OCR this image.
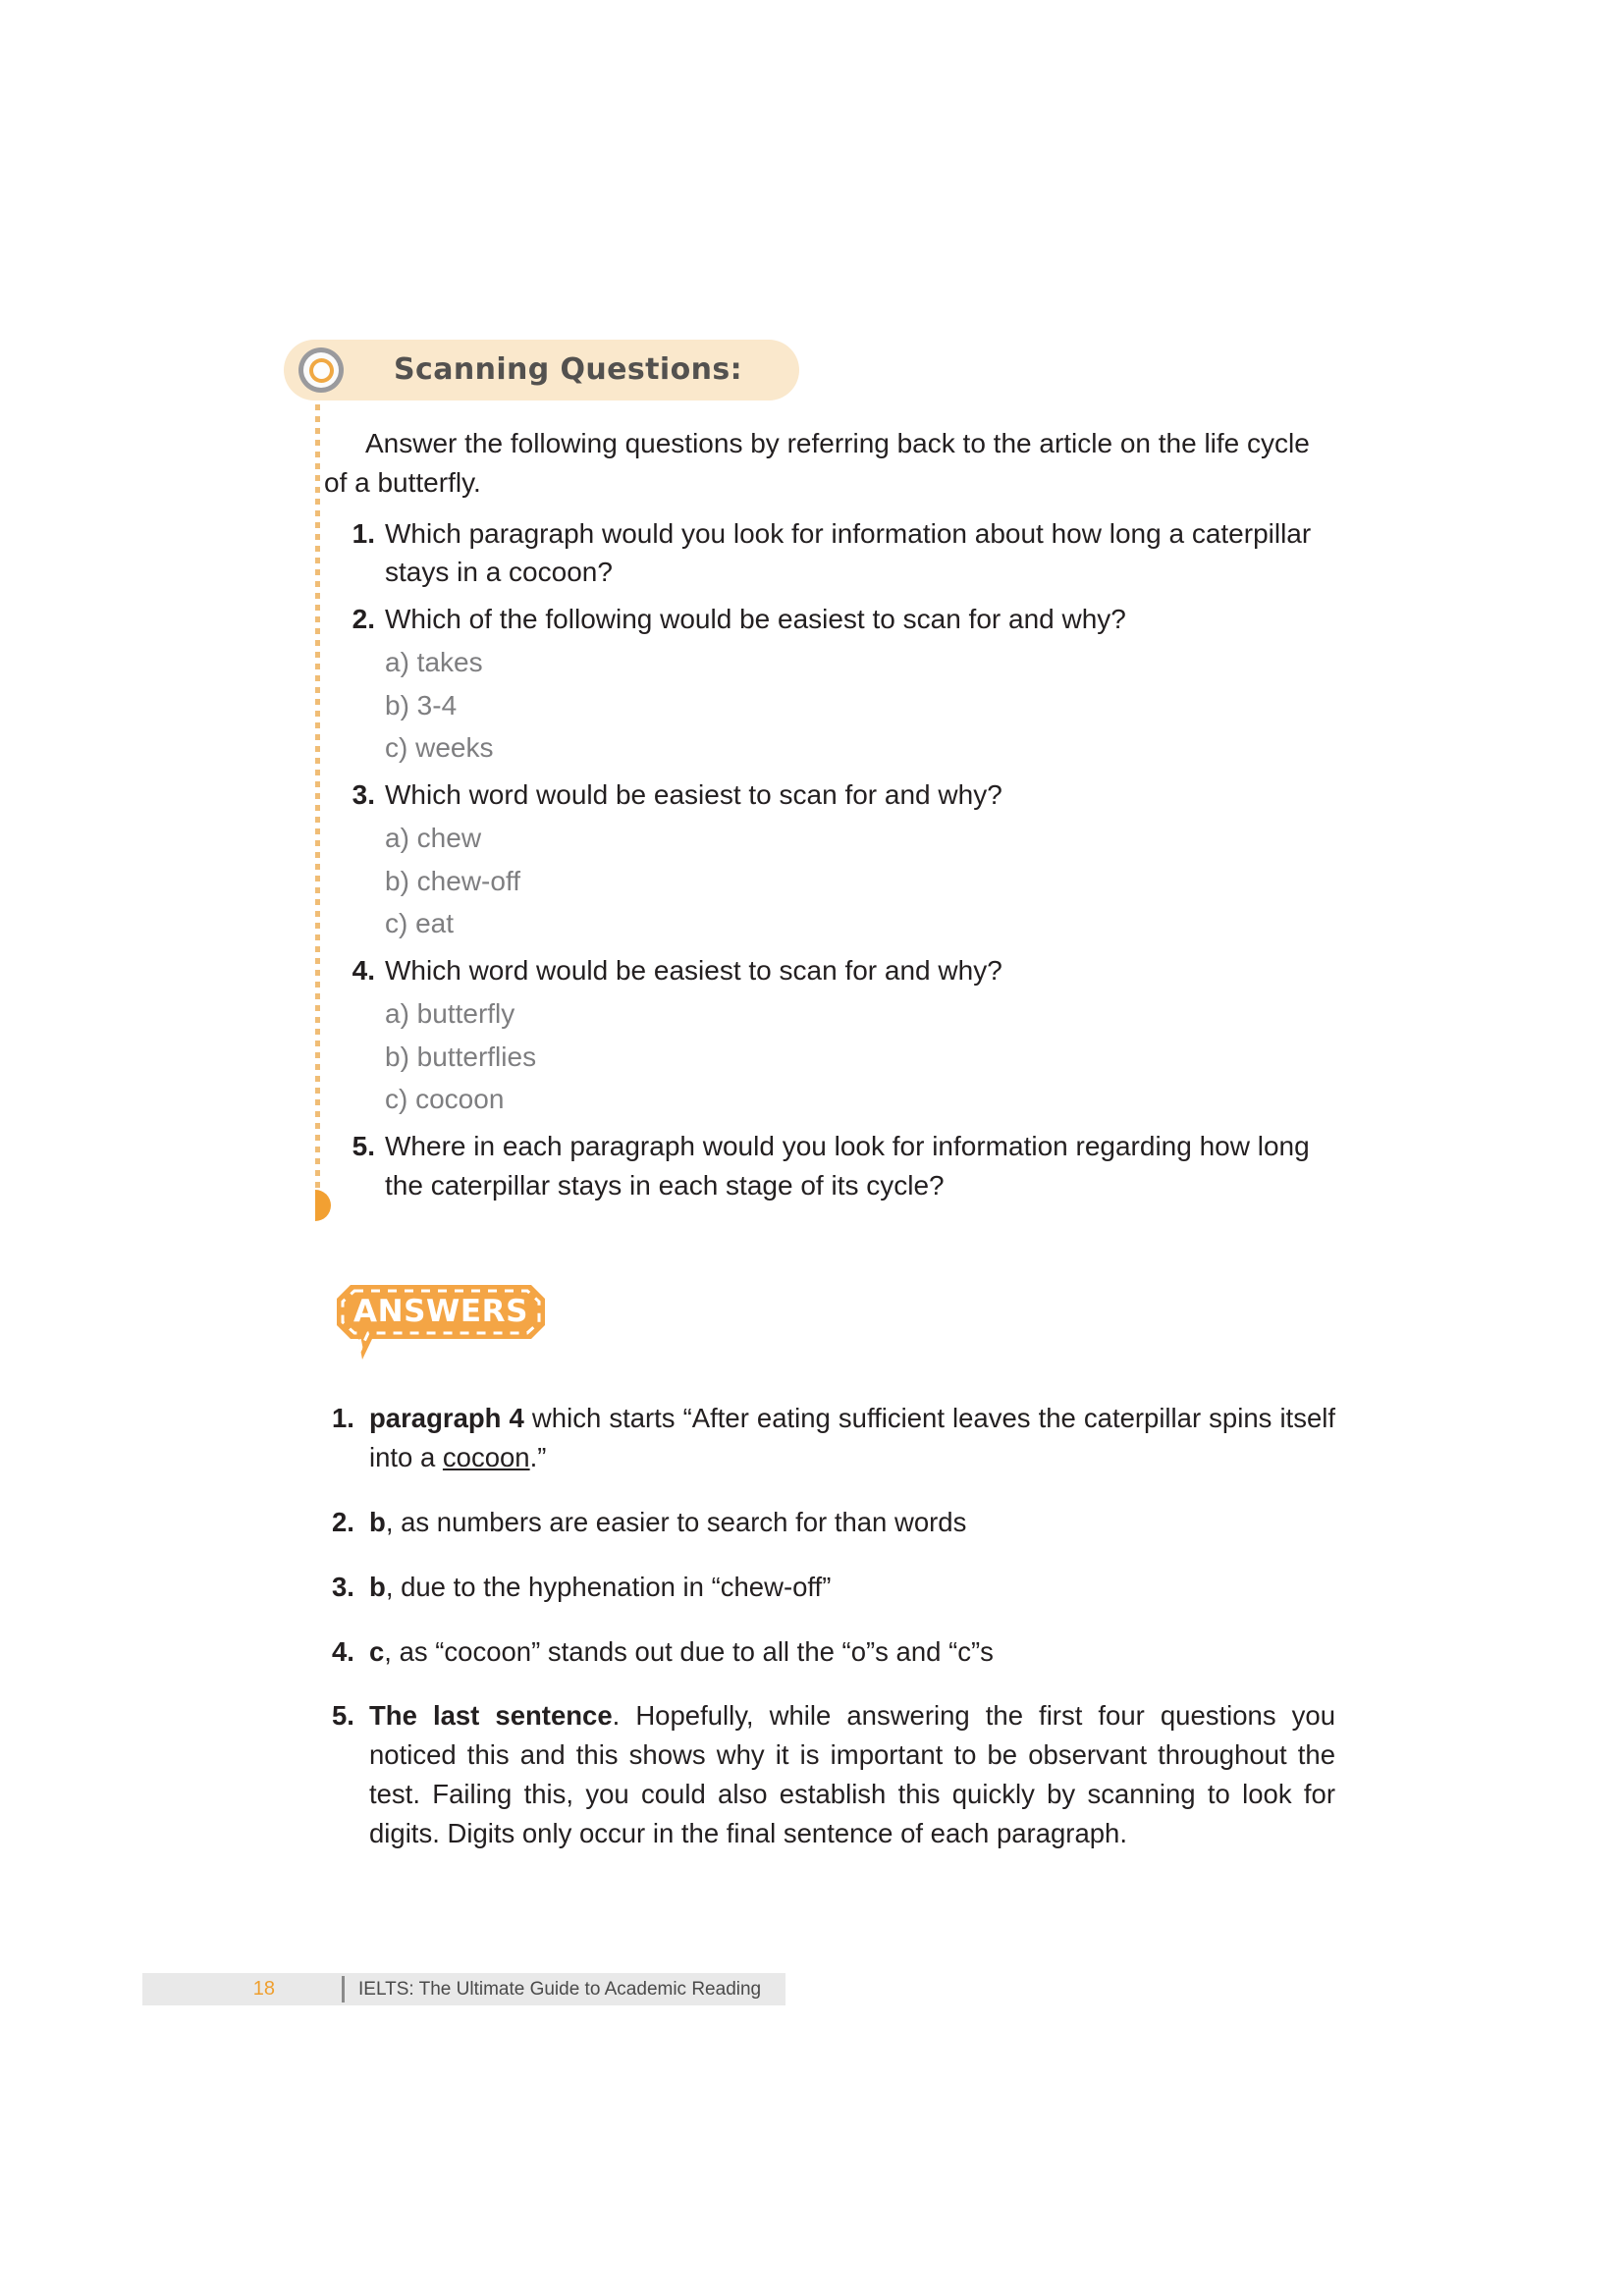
Scanning Questions:
Answer the following questions by referring back to the article on the life cycle of a butterfly.
1. Which paragraph would you look for information about how long a caterpillar stays in a cocoon?
2. Which of the following would be easiest to scan for and why?
a) takes
b) 3-4
c) weeks
3. Which word would be easiest to scan for and why?
a) chew
b) chew-off
c) eat
4. Which word would be easiest to scan for and why?
a) butterfly
b) butterflies
c) cocoon
5. Where in each paragraph would you look for information regarding how long the caterpillar stays in each stage of its cycle?
ANSWERS
1. paragraph 4 which starts “After eating sufficient leaves the caterpillar spins itself into a cocoon.”
2. b, as numbers are easier to search for than words
3. b, due to the hyphenation in “chew-off”
4. c, as “cocoon” stands out due to all the “o”s and “c”s
5. The last sentence. Hopefully, while answering the first four questions you noticed this and this shows why it is important to be observant throughout the test. Failing this, you could also establish this quickly by scanning to look for digits. Digits only occur in the final sentence of each paragraph.
18	IELTS: The Ultimate Guide to Academic Reading
